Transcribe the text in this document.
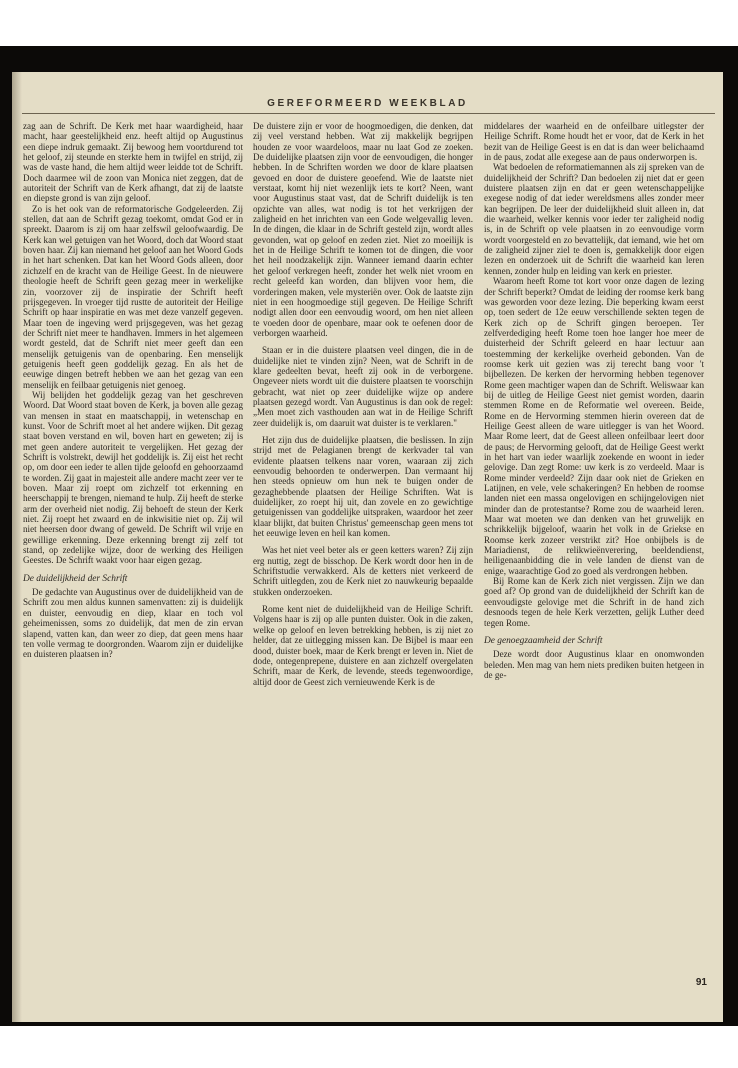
GEREFORMEERD WEEKBLAD

zag aan de Schrift. De Kerk met haar waardigheid, haar macht, haar geestelijkheid enz. heeft altijd op Augustinus een diepe indruk gemaakt. Zij bewoog hem voortdurend tot het geloof, zij steunde en sterkte hem in twijfel en strijd, zij was de vaste hand, die hem altijd weer leidde tot de Schrift. Doch daarmee wil de zoon van Monica niet zeggen, dat de autoriteit der Schrift van de Kerk afhangt, dat zij de laatste en diepste grond is van zijn geloof.

Zo is het ook van de reformatorische Godgeleerden. Zij stellen, dat aan de Schrift gezag toekomt, omdat God er in spreekt. Daarom is zij om haar zelfswil geloofwaardig. De Kerk kan wel getuigen van het Woord, doch dat Woord staat boven haar. Zij kan niemand het geloof aan het Woord Gods in het hart schenken. Dat kan het Woord Gods alleen, door zichzelf en de kracht van de Heilige Geest. In de nieuwere theologie heeft de Schrift geen gezag meer in werkelijke zin, voorzover zij de inspiratie der Schrift heeft prijsgegeven. In vroeger tijd rustte de autoriteit der Heilige Schrift op haar inspiratie en was met deze vanzelf gegeven. Maar toen de ingeving werd prijsgegeven, was het gezag der Schrift niet meer te handhaven. Immers in het algemeen wordt gesteld, dat de Schrift niet meer geeft dan een menselijk getuigenis van de openbaring. Een menselijk getuigenis heeft geen goddelijk gezag. En als het de eeuwige dingen betreft hebben we aan het gezag van een menselijk en feilbaar getuigenis niet genoeg.

Wij belijden het goddelijk gezag van het geschreven Woord. Dat Woord staat boven de Kerk, ja boven alle gezag van mensen in staat en maatschappij, in wetenschap en kunst. Voor de Schrift moet al het andere wijken. Dit gezag staat boven verstand en wil, boven hart en geweten; zij is met geen andere autoriteit te vergelijken. Het gezag der Schrift is volstrekt, dewijl het goddelijk is. Zij eist het recht op, om door een ieder te allen tijde geloofd en gehoorzaamd te worden. Zij gaat in majesteit alle andere macht zeer ver te boven. Maar zij roept om zichzelf tot erkenning en heerschappij te brengen, niemand te hulp. Zij heeft de sterke arm der overheid niet nodig. Zij behoeft de steun der Kerk niet. Zij roept het zwaard en de inkwisitie niet op. Zij wil niet heersen door dwang of geweld. De Schrift wil vrije en gewillige erkenning. Deze erkenning brengt zij zelf tot stand, op zedelijke wijze, door de werking des Heiligen Geestes. De Schrift waakt voor haar eigen gezag.

De duidelijkheid der Schrift

De gedachte van Augustinus over de duidelijkheid van de Schrift zou men aldus kunnen samenvatten: zij is duidelijk en duister, eenvoudig en diep, klaar en toch vol geheimenissen, soms zo duidelijk, dat men de zin ervan slapend, vatten kan, dan weer zo diep, dat geen mens haar ten volle vermag te doorgronden. Waarom zijn er duidelijke en duisteren plaatsen in?

De duistere zijn er voor de hoogmoedigen, die denken, dat zij veel verstand hebben. Wat zij makkelijk begrijpen houden ze voor waardeloos, maar nu laat God ze zoeken. De duidelijke plaatsen zijn voor de eenvoudigen, die honger hebben. In de Schriften worden we door de klare plaatsen gevoed en door de duistere geoefend. Wie de laatste niet verstaat, komt hij niet wezenlijk iets te kort? Neen, want voor Augustinus staat vast, dat de Schrift duidelijk is ten opzichte van alles, wat nodig is tot het verkrijgen der zaligheid en het inrichten van een Gode welgevallig leven. In de dingen, die klaar in de Schrift gesteld zijn, wordt alles gevonden, wat op geloof en zeden ziet. Niet zo moeilijk is het in de Heilige Schrift te komen tot de dingen, die voor het heil noodzakelijk zijn. Wanneer iemand daarin echter het geloof verkregen heeft, zonder het welk niet vroom en recht geleefd kan worden, dan blijven voor hem, die vorderingen maken, vele mysteriën over. Ook de laatste zijn niet in een hoogmoedige stijl gegeven. De Heilige Schrift nodigt allen door een eenvoudig woord, om hen niet alleen te voeden door de openbare, maar ook te oefenen door de verborgen waarheid.

Staan er in die duistere plaatsen veel dingen, die in de duidelijke niet te vinden zijn? Neen, wat de Schrift in de klare gedeelten bevat, heeft zij ook in de verborgene. Ongeveer niets wordt uit die duistere plaatsen te voorschijn gebracht, wat niet op zeer duidelijke wijze op andere plaatsen gezegd wordt. Van Augustinus is dan ook de regel: „Men moet zich vasthouden aan wat in de Heilige Schrift zeer duidelijk is, om daaruit wat duister is te verklaren."

Het zijn dus de duidelijke plaatsen, die beslissen. In zijn strijd met de Pelagianen brengt de kerkvader tal van evidente plaatsen telkens naar voren, waaraan zij zich eenvoudig behoorden te onderwerpen. Dan vermaant hij hen steeds opnieuw om hun nek te buigen onder de gezaghebbende plaatsen der Heilige Schriften. Wat is duidelijker, zo roept hij uit, dan zovele en zo gewichtige getuigenissen van goddelijke uitspraken, waardoor het zeer klaar blijkt, dat buiten Christus' gemeenschap geen mens tot het eeuwige leven en heil kan komen.

Was het niet veel beter als er geen ketters waren? Zij zijn erg nuttig, zegt de bisschop. De Kerk wordt door hen in de Schriftstudie verwakkerd. Als de ketters niet verkeerd de Schrift uitlegden, zou de Kerk niet zo nauwkeurig bepaalde stukken onderzoeken.

Rome kent niet de duidelijkheid van de Heilige Schrift. Volgens haar is zij op alle punten duister. Ook in die zaken, welke op geloof en leven betrekking hebben, is zij niet zo helder, dat ze uitlegging missen kan. De Bijbel is maar een dood, duister boek, maar de Kerk brengt er leven in. Niet de dode, ontegenprepene, duistere en aan zichzelf overgelaten Schrift, maar de Kerk, de levende, steeds tegenwoordige, altijd door de Geest zich vernieuwende Kerk is de

middelares der waarheid en de onfeilbare uitlegster der Heilige Schrift. Rome houdt het er voor, dat de Kerk in het bezit van de Heilige Geest is en dat is dan weer belichaamd in de paus, zodat alle exegese aan de paus onderworpen is.

Wat bedoelen de reformatiemannen als zij spreken van de duidelijkheid der Schrift? Dan bedoelen zij niet dat er geen duistere plaatsen zijn en dat er geen wetenschappelijke exegese nodig of dat ieder wereldsmens alles zonder meer kan begrijpen. De leer der duidelijkheid sluit alleen in, dat die waarheid, welker kennis voor ieder ter zaligheid nodig is, in de Schrift op vele plaatsen in zo eenvoudige vorm wordt voorgesteld en zo bevattelijk, dat iemand, wie het om de zaligheid zijner ziel te doen is, gemakkelijk door eigen lezen en onderzoek uit de Schrift die waarheid kan leren kennen, zonder hulp en leiding van kerk en priester.

Waarom heeft Rome tot kort voor onze dagen de lezing der Schrift beperkt? Omdat de leiding der roomse kerk bang was geworden voor deze lezing. Die beperking kwam eerst op, toen sedert de 12e eeuw verschillende sekten tegen de Kerk zich op de Schrift gingen beroepen. Ter zelfverdediging heeft Rome toen hoe langer hoe meer de duisterheid der Schrift geleerd en haar lectuur aan toestemming der kerkelijke overheid gebonden. Van de roomse kerk uit gezien was zij terecht bang voor 't bijbellezen. De kerken der hervorming hebben tegenover Rome geen machtiger wapen dan de Schrift. Weliswaar kan bij de uitleg de Heilige Geest niet gemist worden, daarin stemmen Rome en de Reformatie wel overeen. Beide, Rome en de Hervorming stemmen hierin overeen dat de Heilige Geest alleen de ware uitlegger is van het Woord. Maar Rome leert, dat de Geest alleen onfeilbaar leert door de paus; de Hervorming gelooft, dat de Heilige Geest werkt in het hart van ieder waarlijk zoekende en woont in ieder gelovige. Dan zegt Rome: uw kerk is zo verdeeld. Maar is Rome minder verdeeld? Zijn daar ook niet de Grieken en Latijnen, en vele, vele schakeringen? En hebben de roomse landen niet een massa ongelovigen en schijngelovigen niet minder dan de protestantse? Rome zou de waarheid leren. Maar wat moeten we dan denken van het gruwelijk en schrikkelijk bijgeloof, waarin het volk in de Griekse en Roomse kerk zozeer verstrikt zit? Hoe onbijbels is de Mariadienst, de relikwieënverering, beeldendienst, heiligenaanbidding die in vele landen de dienst van de enige, waarachtige God zo goed als verdrongen hebben.

Bij Rome kan de Kerk zich niet vergissen. Zijn we dan goed af? Op grond van de duidelijkheid der Schrift kan de eenvoudigste gelovige met die Schrift in de hand zich desnoods tegen de hele Kerk verzetten, gelijk Luther deed tegen Rome.

De genoegzaamheid der Schrift

Deze wordt door Augustinus klaar en onomwonden beleden. Men mag van hem niets prediken buiten hetgeen in de ge-

91
